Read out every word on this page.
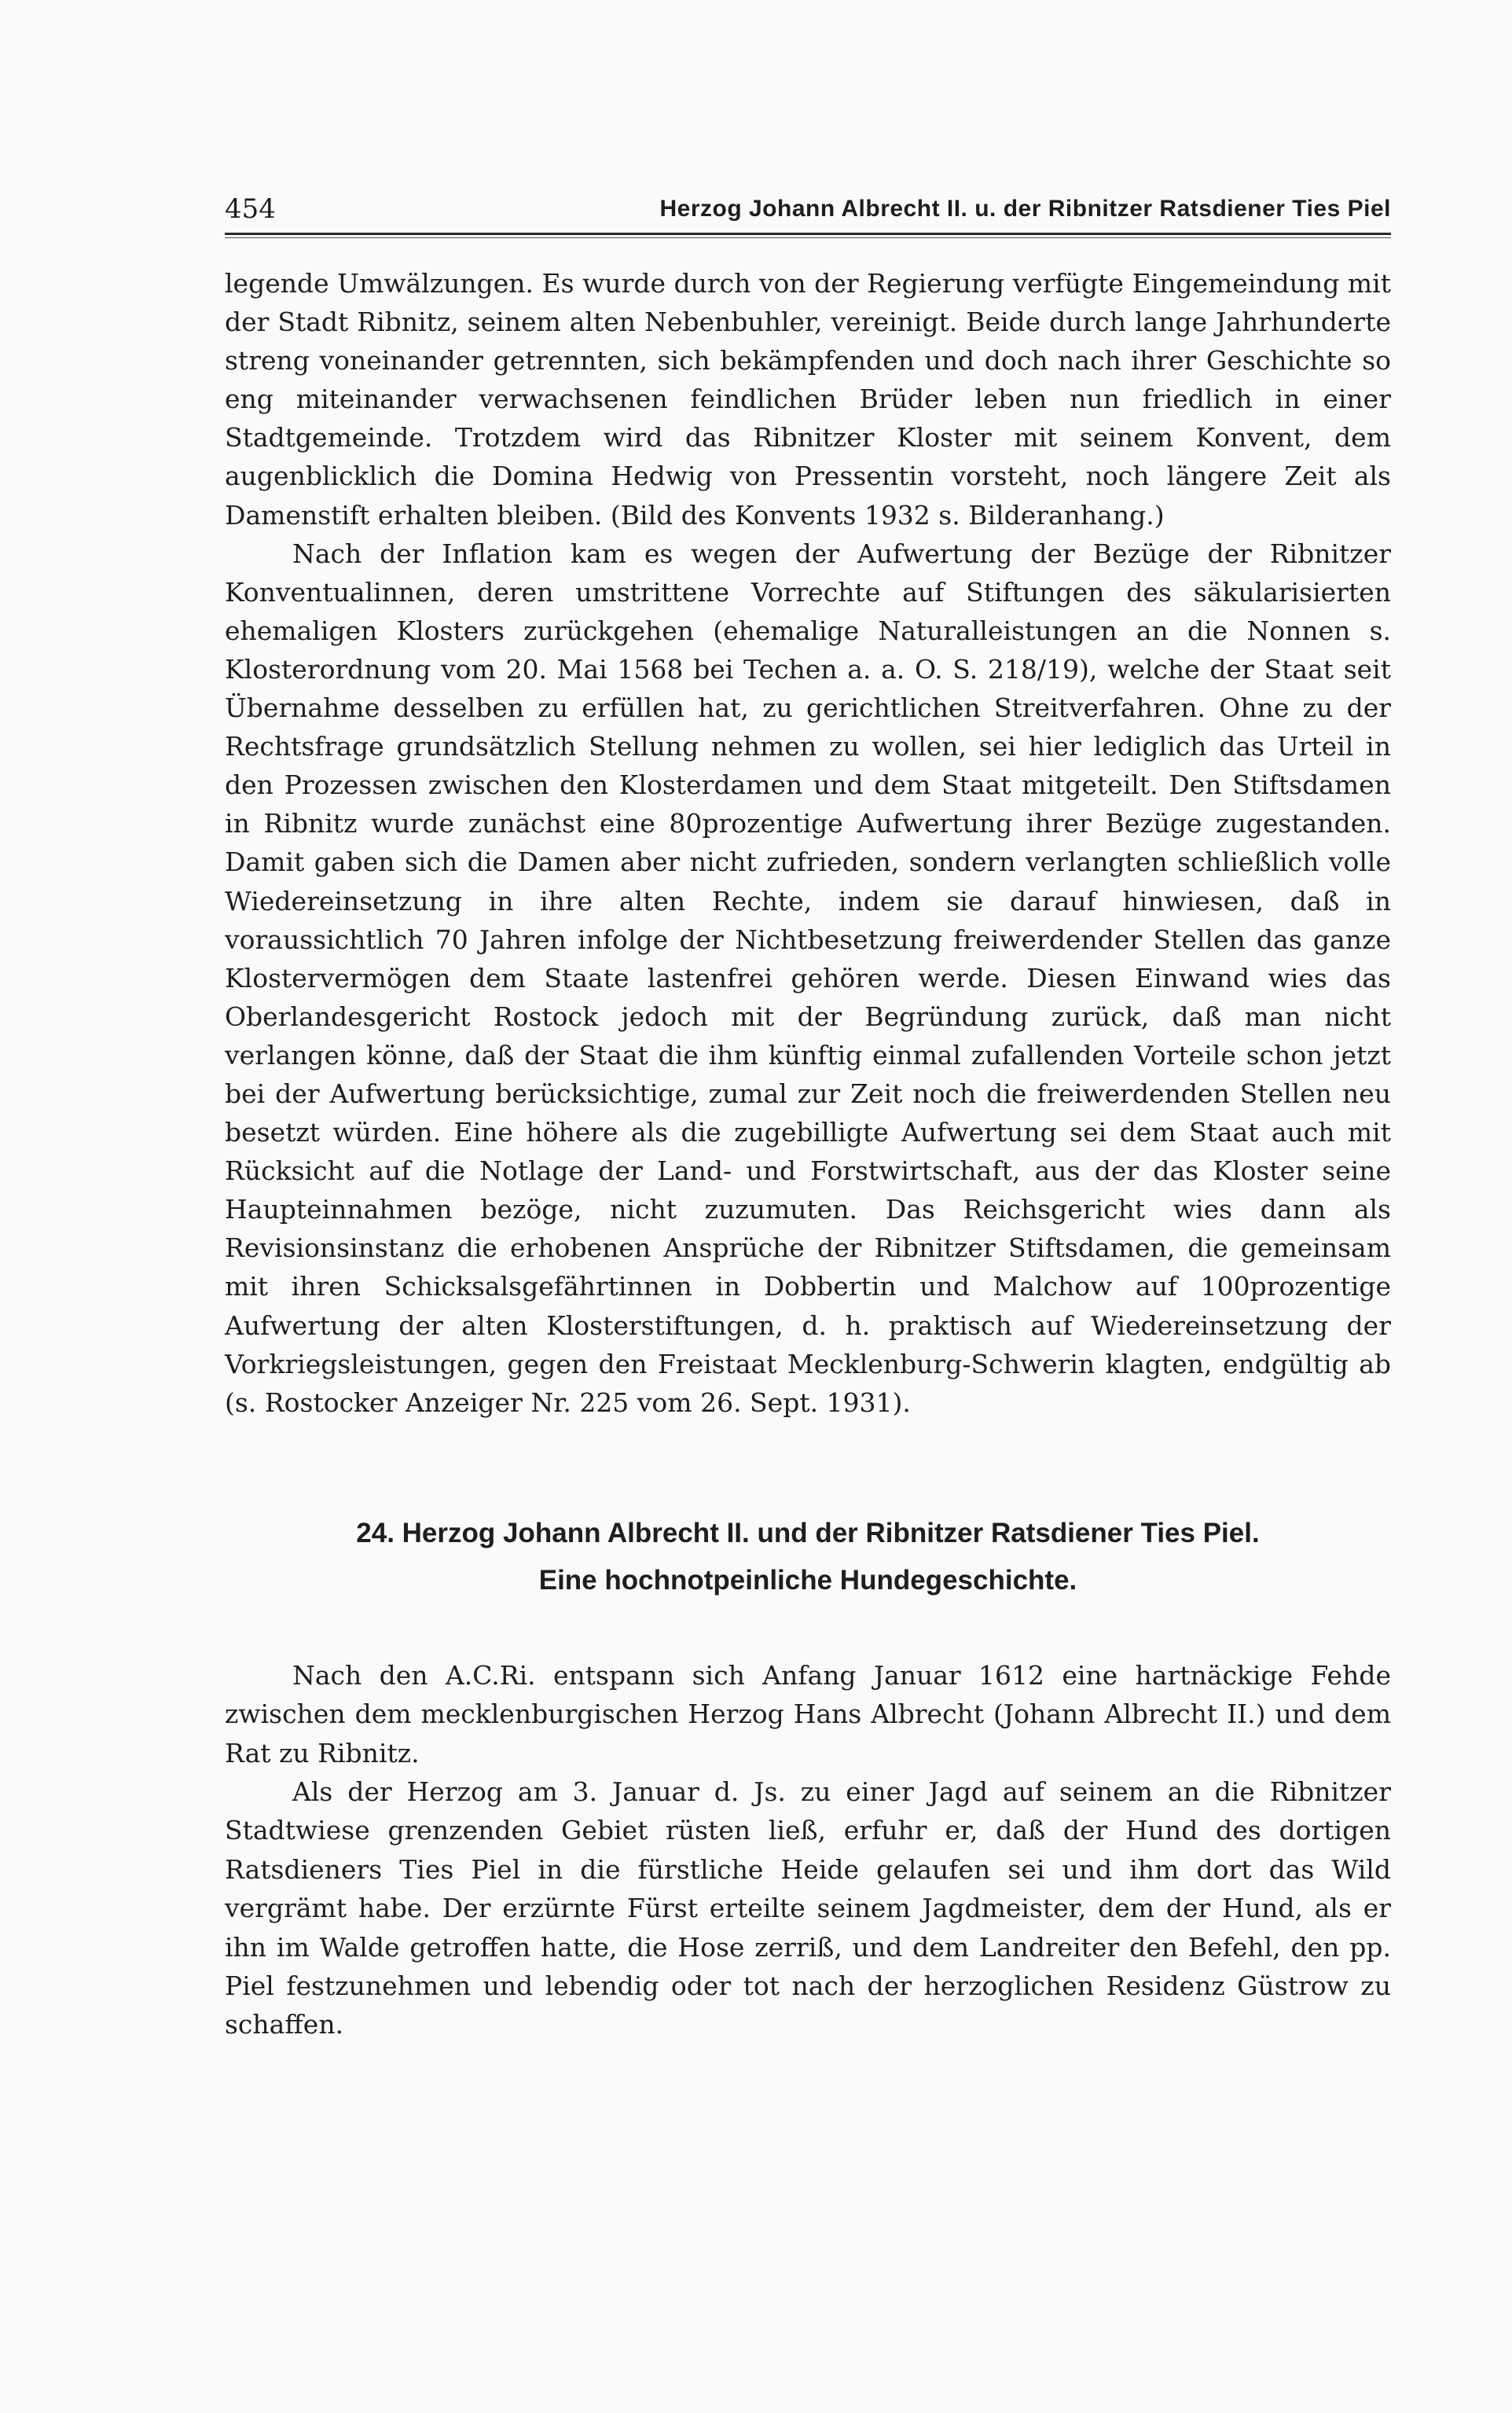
454	Herzog Johann Albrecht II. u. der Ribnitzer Ratsdiener Ties Piel

legende Umwälzungen. Es wurde durch von der Regierung verfügte Eingemeindung mit der Stadt Ribnitz, seinem alten Nebenbuhler, vereinigt. Beide durch lange Jahrhunderte streng voneinander getrennten, sich bekämpfenden und doch nach ihrer Geschichte so eng miteinander verwachsenen feindlichen Brüder leben nun friedlich in einer Stadtgemeinde. Trotzdem wird das Ribnitzer Kloster mit seinem Konvent, dem augenblicklich die Domina Hedwig von Pressentin vorsteht, noch längere Zeit als Damenstift erhalten bleiben. (Bild des Konvents 1932 s. Bilderanhang.)

Nach der Inflation kam es wegen der Aufwertung der Bezüge der Ribnitzer Konventualinnen, deren umstrittene Vorrechte auf Stiftungen des säkularisierten ehemaligen Klosters zurückgehen (ehemalige Naturalleistungen an die Nonnen s. Klosterordnung vom 20. Mai 1568 bei Techen a. a. O. S. 218/19), welche der Staat seit Übernahme desselben zu erfüllen hat, zu gerichtlichen Streitverfahren. Ohne zu der Rechtsfrage grundsätzlich Stellung nehmen zu wollen, sei hier lediglich das Urteil in den Prozessen zwischen den Klosterdamen und dem Staat mitgeteilt. Den Stiftsdamen in Ribnitz wurde zunächst eine 80prozentige Aufwertung ihrer Bezüge zugestanden. Damit gaben sich die Damen aber nicht zufrieden, sondern verlangten schließlich volle Wiedereinsetzung in ihre alten Rechte, indem sie darauf hinwiesen, daß in voraussichtlich 70 Jahren infolge der Nichtbesetzung freiwerdender Stellen das ganze Klostervermögen dem Staate lastenfrei gehören werde. Diesen Einwand wies das Oberlandesgericht Rostock jedoch mit der Begründung zurück, daß man nicht verlangen könne, daß der Staat die ihm künftig einmal zufallenden Vorteile schon jetzt bei der Aufwertung berücksichtige, zumal zur Zeit noch die freiwerdenden Stellen neu besetzt würden. Eine höhere als die zugebilligte Aufwertung sei dem Staat auch mit Rücksicht auf die Notlage der Land- und Forstwirtschaft, aus der das Kloster seine Haupteinnahmen bezöge, nicht zuzumuten. Das Reichsgericht wies dann als Revisionsinstanz die erhobenen Ansprüche der Ribnitzer Stiftsdamen, die gemeinsam mit ihren Schicksalsgefährtinnen in Dobbertin und Malchow auf 100prozentige Aufwertung der alten Klosterstiftungen, d. h. praktisch auf Wiedereinsetzung der Vorkriegsleistungen, gegen den Freistaat Mecklenburg-Schwerin klagten, endgültig ab (s. Rostocker Anzeiger Nr. 225 vom 26. Sept. 1931).

24. Herzog Johann Albrecht II. und der Ribnitzer Ratsdiener Ties Piel.
Eine hochnotpeinliche Hundegeschichte.

Nach den A.C.Ri. entspann sich Anfang Januar 1612 eine hartnäckige Fehde zwischen dem mecklenburgischen Herzog Hans Albrecht (Johann Albrecht II.) und dem Rat zu Ribnitz.

Als der Herzog am 3. Januar d. Js. zu einer Jagd auf seinem an die Ribnitzer Stadtwiese grenzenden Gebiet rüsten ließ, erfuhr er, daß der Hund des dortigen Ratsdieners Ties Piel in die fürstliche Heide gelaufen sei und ihm dort das Wild vergrämt habe. Der erzürnte Fürst erteilte seinem Jagdmeister, dem der Hund, als er ihn im Walde getroffen hatte, die Hose zerriß, und dem Landreiter den Befehl, den pp. Piel festzunehmen und lebendig oder tot nach der herzoglichen Residenz Güstrow zu schaffen.
